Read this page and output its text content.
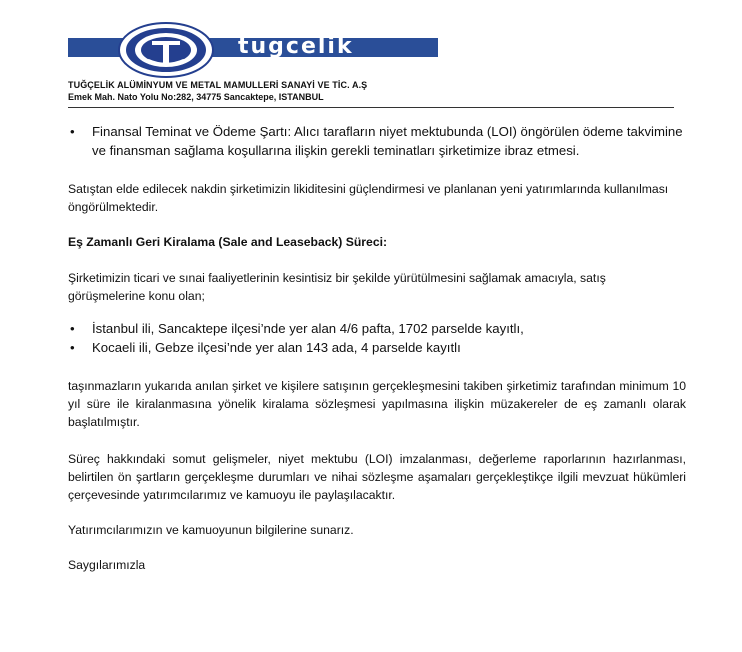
tugcelik
TUĞÇELİK ALÜMİNYUM VE METAL MAMULLERİ SANAYİ VE TİC. A.Ş
Emek Mah. Nato Yolu No:282, 34775 Sancaktepe, ISTANBUL
• Finansal Teminat ve Ödeme Şartı: Alıcı tarafların niyet mektubunda (LOI) öngörülen ödeme takvimine ve finansman sağlama koşullarına ilişkin gerekli teminatları şirketimize ibraz etmesi.

Satıştan elde edilecek nakdin şirketimizin likiditesini güçlendirmesi ve planlanan yeni yatırımlarında kullanılması öngörülmektedir.

Eş Zamanlı Geri Kiralama (Sale and Leaseback) Süreci:

Şirketimizin ticari ve sınai faaliyetlerinin kesintisiz bir şekilde yürütülmesini sağlamak amacıyla, satış görüşmelerine konu olan;

• İstanbul ili, Sancaktepe ilçesi’nde yer alan 4/6 pafta, 1702 parselde kayıtlı,
• Kocaeli ili, Gebze ilçesi’nde yer alan 143 ada, 4 parselde kayıtlı

taşınmazların yukarıda anılan şirket ve kişilere satışının gerçekleşmesini takiben şirketimiz tarafından minimum 10 yıl süre ile kiralanmasına yönelik kiralama sözleşmesi yapılmasına ilişkin müzakereler de eş zamanlı olarak başlatılmıştır.

Süreç hakkındaki somut gelişmeler, niyet mektubu (LOI) imzalanması, değerleme raporlarının hazırlanması, belirtilen ön şartların gerçekleşme durumları ve nihai sözleşme aşamaları gerçekleştikçe ilgili mevzuat hükümleri çerçevesinde yatırımcılarımız ve kamuoyu ile paylaşılacaktır.

Yatırımcılarımızın ve kamuoyunun bilgilerine sunarız.

Saygılarımızla
